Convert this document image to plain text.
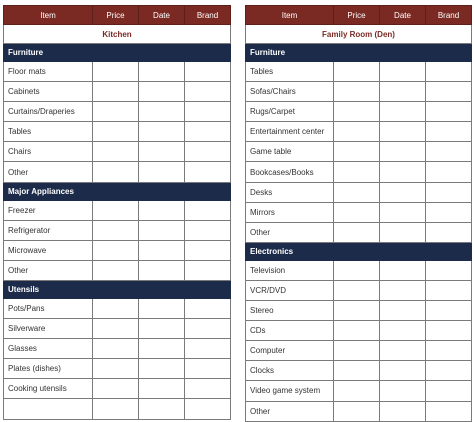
Item	Price	Date	Brand
Kitchen			
Furniture			
Floor mats			
Cabinets			
Curtains/Draperies			
Tables			
Chairs			
Other			
Major Appliances			
Freezer			
Refrigerator			
Microwave			
Other			
Utensils			
Pots/Pans			
Silverware			
Glasses			
Plates (dishes)			
Cooking utensils			

Item	Price	Date	Brand
Family Room (Den)			
Furniture			
Tables			
Sofas/Chairs			
Rugs/Carpet			
Entertainment center			
Game table			
Bookcases/Books			
Desks			
Mirrors			
Other			
Electronics			
Television			
VCR/DVD			
Stereo			
CDs			
Computer			
Clocks			
Video game system			
Other			
